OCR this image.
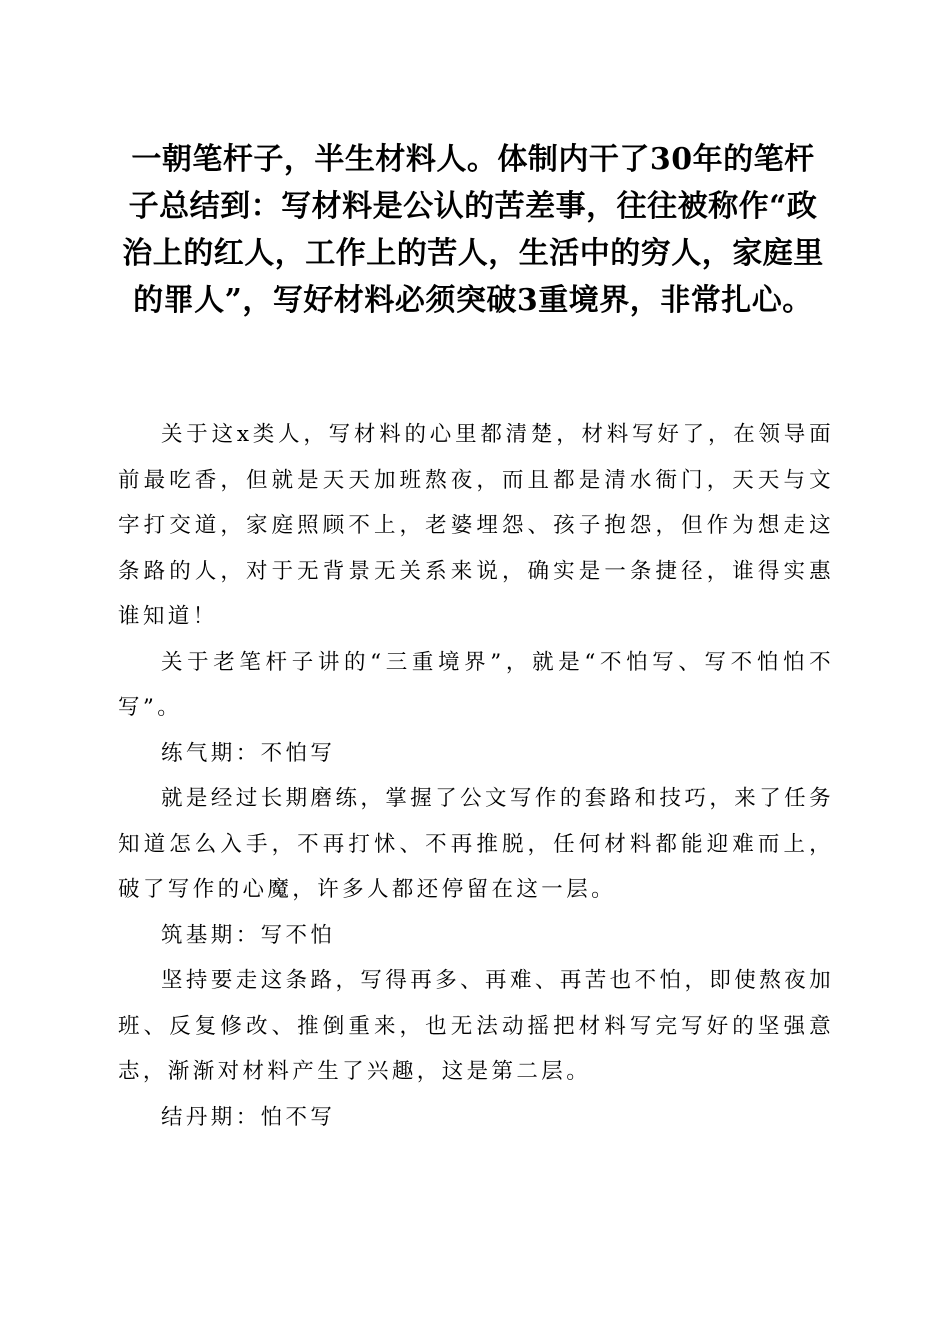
一朝笔杆子，半生材料人。体制内干了30年的笔杆子总结到：写材料是公认的苦差事，往往被称作“政治上的红人，工作上的苦人，生活中的穷人，家庭里的罪人”，写好材料必须突破3重境界，非常扎心。

关于这x类人，写材料的心里都清楚，材料写好了，在领导面前最吃香，但就是天天加班熬夜，而且都是清水衙门，天天与文字打交道，家庭照顾不上，老婆埋怨、孩子抱怨，但作为想走这条路的人，对于无背景无关系来说，确实是一条捷径，谁得实惠谁知道！

关于老笔杆子讲的“三重境界”，就是“不怕写、写不怕怕不写”。

练气期：不怕写

就是经过长期磨练，掌握了公文写作的套路和技巧，来了任务知道怎么入手，不再打怵、不再推脱，任何材料都能迎难而上，破了写作的心魔，许多人都还停留在这一层。

筑基期：写不怕

坚持要走这条路，写得再多、再难、再苦也不怕，即使熬夜加班、反复修改、推倒重来，也无法动摇把材料写完写好的坚强意志，渐渐对材料产生了兴趣，这是第二层。

结丹期：怕不写
